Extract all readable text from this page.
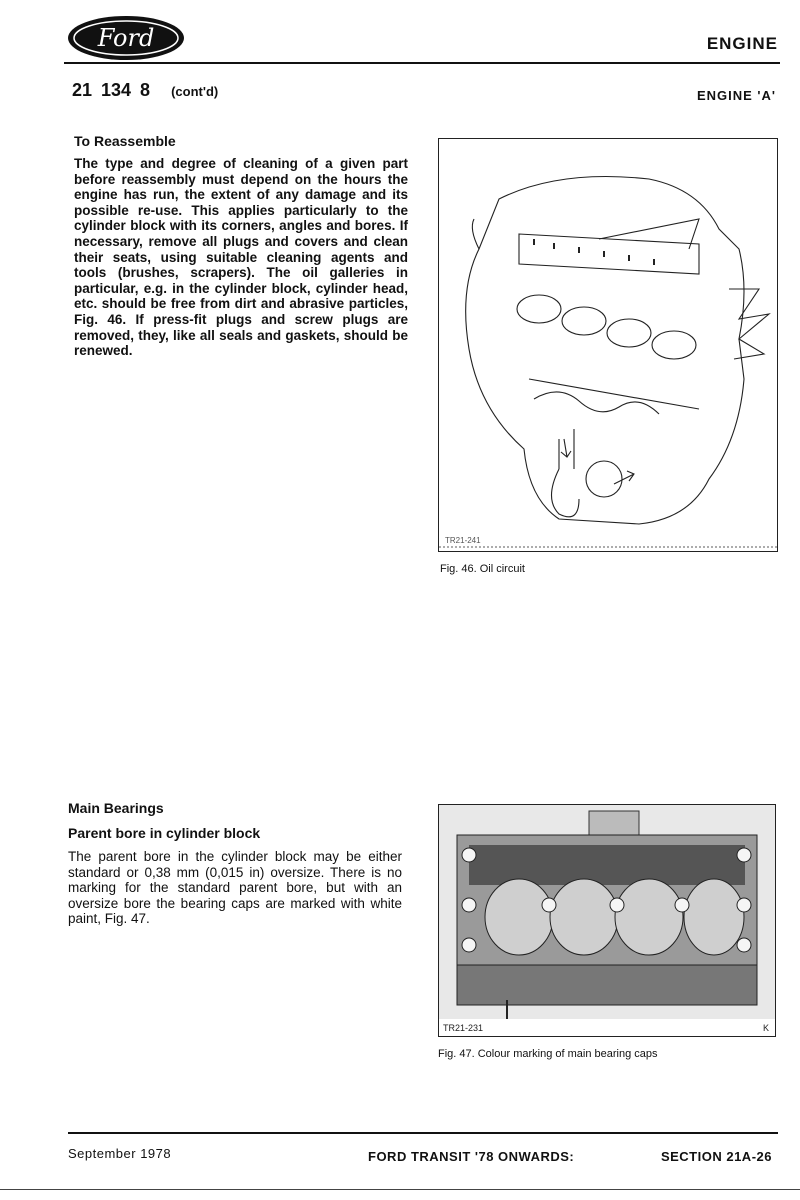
Ford	ENGINE
21 134 8 (cont'd)	ENGINE 'A'
To Reassemble
The type and degree of cleaning of a given part before reassembly must depend on the hours the engine has run, the extent of any damage and its possible re-use. This applies particularly to the cylinder block with its corners, angles and bores. If necessary, remove all plugs and covers and clean their seats, using suitable cleaning agents and tools (brushes, scrapers). The oil galleries in particular, e.g. in the cylinder block, cylinder head, etc. should be free from dirt and abrasive particles, Fig. 46. If press-fit plugs and screw plugs are removed, they, like all seals and gaskets, should be renewed.
TR21-241
Fig. 46. Oil circuit
Main Bearings
Parent bore in cylinder block
The parent bore in the cylinder block may be either standard or 0,38 mm (0,015 in) oversize. There is no marking for the standard parent bore, but with an oversize bore the bearing caps are marked with white paint, Fig. 47.
TR21-231	K
Fig. 47. Colour marking of main bearing caps
September 1978	FORD TRANSIT '78 ONWARDS:	SECTION 21A-26
